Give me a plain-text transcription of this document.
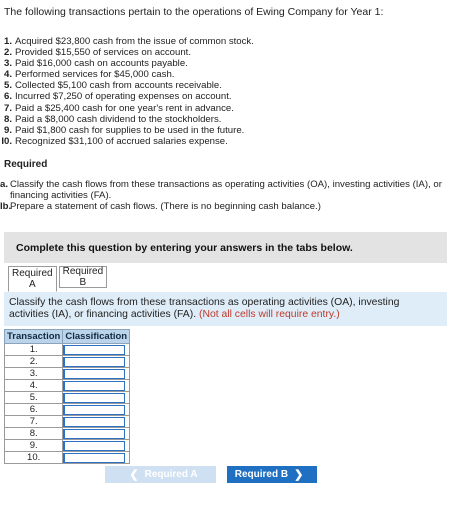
The following transactions pertain to the operations of Ewing Company for Year 1:
1. Acquired $23,800 cash from the issue of common stock.
2. Provided $15,550 of services on account.
3. Paid $16,000 cash on accounts payable.
4. Performed services for $45,000 cash.
5. Collected $5,100 cash from accounts receivable.
6. Incurred $7,250 of operating expenses on account.
7. Paid a $25,400 cash for one year's rent in advance.
8. Paid a $8,000 cash dividend to the stockholders.
9. Paid $1,800 cash for supplies to be used in the future.
I0. Recognized $31,100 of accrued salaries expense.
Required
a. Classify the cash flows from these transactions as operating activities (OA), investing activities (IA), or financing activities (FA).
lb.
Prepare a statement of cash flows. (There is no beginning cash balance.)
Complete this question by entering your answers in the tabs below.
Required
A
Required
B
Classify the cash flows from these transactions as operating activities (OA), investing activities (IA), or financing activities (FA). (Not all cells will require entry.)
Transaction	Classification
1.	

2.	

3.	

4.	

5.	

6.	

7.	

8.	

9.	

10.	
❮ Required A	Required B ❯
